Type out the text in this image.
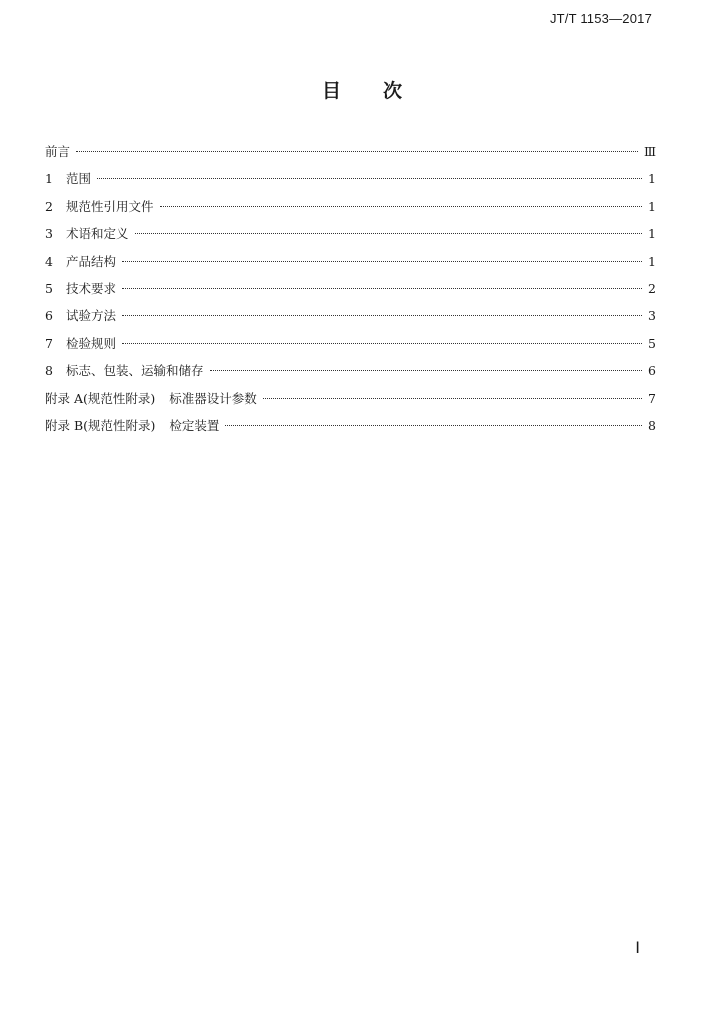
JT/T 1153—2017
目次
前言	Ⅲ
1	范围	1
2	规范性引用文件	1
3	术语和定义	1
4	产品结构	1
5	技术要求	2
6	试验方法	3
7	检验规则	5
8	标志、包装、运输和储存	6
附录 A(规范性附录) 标准器设计参数	7
附录 B(规范性附录) 检定装置	8
Ⅰ
